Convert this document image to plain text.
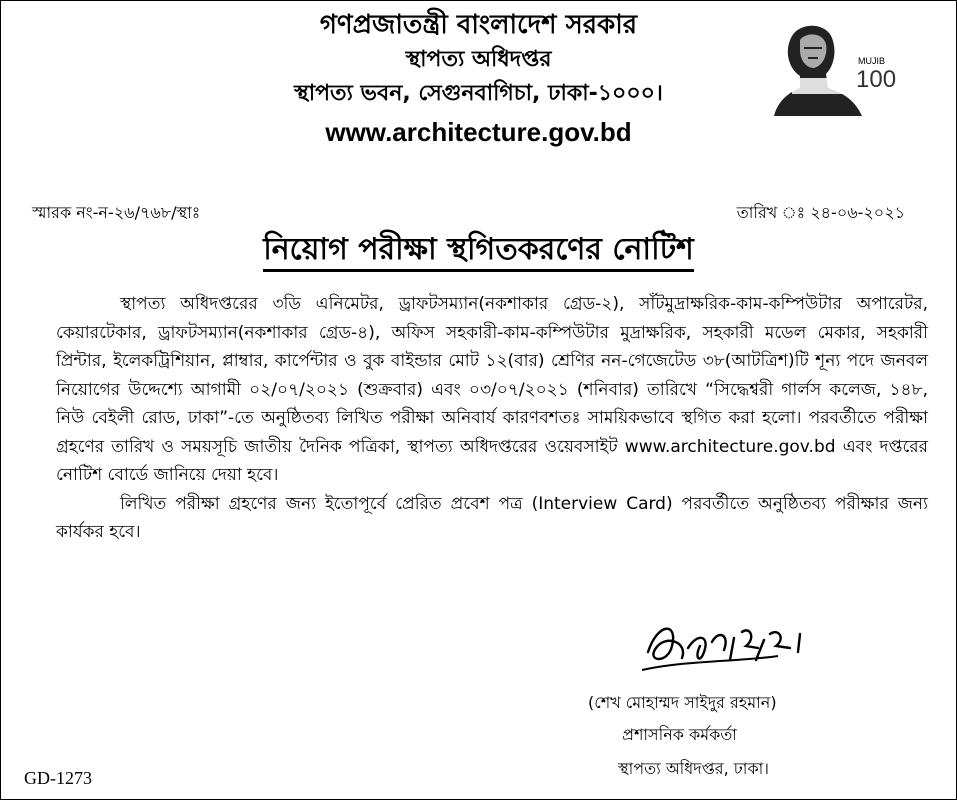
গণপ্রজাতন্ত্রী বাংলাদেশ সরকার
স্থাপত্য অধিদপ্তর
স্থাপত্য ভবন, সেগুনবাগিচা, ঢাকা-১০০০।
www.architecture.gov.bd
MUJIB
100
স্মারক নং-ন-২৬/৭৬৮/স্থাঃ	তারিখ ঃ ২৪-০৬-২০২১
নিয়োগ পরীক্ষা স্থগিতকরণের নোটিশ

স্থাপত্য অধিদপ্তরের ৩ডি এনিমেটর, ড্রাফটসম্যান(নকশাকার গ্রেড-২), সাঁটমুদ্রাক্ষরিক-কাম-কম্পিউটার অপারেটর, কেয়ারটেকার, ড্রাফটসম্যান(নকশাকার গ্রেড-৪), অফিস সহকারী-কাম-কম্পিউটার মুদ্রাক্ষরিক, সহকারী মডেল মেকার, সহকারী প্রিন্টার, ইলেকট্রিশিয়ান, প্লাম্বার, কার্পেন্টার ও বুক বাইন্ডার মোট ১২(বার) শ্রেণির নন-গেজেটেড ৩৮(আটত্রিশ)টি শূন্য পদে জনবল নিয়োগের উদ্দেশ্যে আগামী ০২/০৭/২০২১ (শুক্রবার) এবং ০৩/০৭/২০২১ (শনিবার) তারিখে “সিদ্ধেশ্বরী গার্লস কলেজ, ১৪৮, নিউ বেইলী রোড, ঢাকা”-তে অনুষ্ঠিতব্য লিখিত পরীক্ষা অনিবার্য কারণবশতঃ সাময়িকভাবে স্থগিত করা হলো। পরবর্তীতে পরীক্ষা গ্রহণের তারিখ ও সময়সূচি জাতীয় দৈনিক পত্রিকা, স্থাপত্য অধিদপ্তরের ওয়েবসাইট www.architecture.gov.bd এবং দপ্তরের নোটিশ বোর্ডে জানিয়ে দেয়া হবে।

লিখিত পরীক্ষা গ্রহণের জন্য ইতোপূর্বে প্রেরিত প্রবেশ পত্র (Interview Card) পরবর্তীতে অনুষ্ঠিতব্য পরীক্ষার জন্য কার্যকর হবে।

(শেখ মোহাম্মদ সাইদুর রহমান)
প্রশাসনিক কর্মকর্তা
স্থাপত্য অধিদপ্তর, ঢাকা।
GD-1273
